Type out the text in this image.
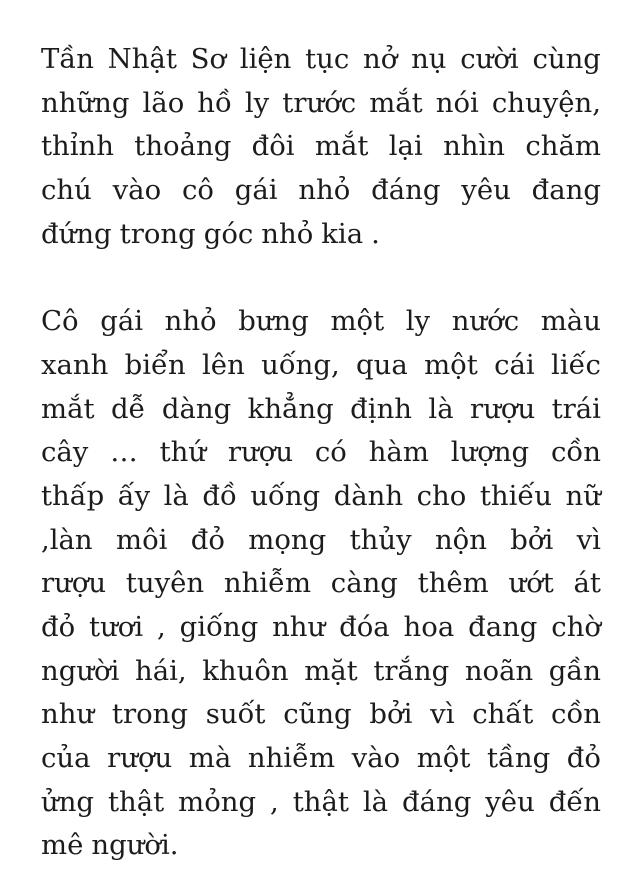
Tần Nhật Sơ liện tục nở nụ cười cùng
những lão hồ ly trước mắt nói chuyện,
thỉnh thoảng đôi mắt lại nhìn chăm
chú vào cô gái nhỏ đáng yêu đang
đứng trong góc nhỏ kia .
Cô gái nhỏ bưng một ly nước màu
xanh biển lên uống, qua một cái liếc
mắt dễ dàng khẳng định là rượu trái
cây … thứ rượu có hàm lượng cồn
thấp ấy là đồ uống dành cho thiếu nữ
,làn môi đỏ mọng thủy nộn bởi vì
rượu tuyên nhiễm càng thêm ướt át
đỏ tươi , giống như đóa hoa đang chờ
người hái, khuôn mặt trắng noãn gần
như trong suốt cũng bởi vì chất cồn
của rượu mà nhiễm vào một tầng đỏ
ửng thật mỏng , thật là đáng yêu đến
mê người.
